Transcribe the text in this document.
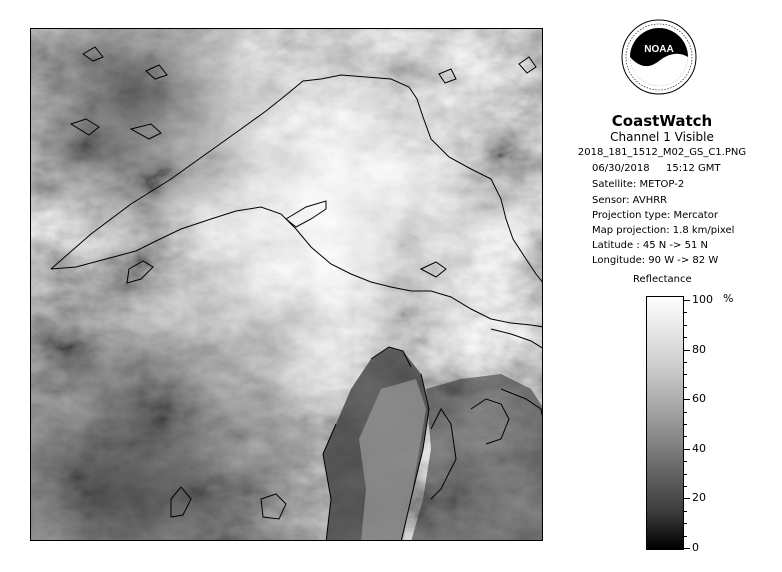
NOAA
CoastWatch
Channel 1 Visible
2018_181_1512_M02_GS_C1.PNG
06/30/2018 15:12 GMT
Satellite: METOP-2
Sensor: AVHRR
Projection type: Mercator
Map projection: 1.8 km/pixel
Latitude : 45 N -> 51 N
Longitude: 90 W -> 82 W
Reflectance
%
100
80
60
40
20
0
